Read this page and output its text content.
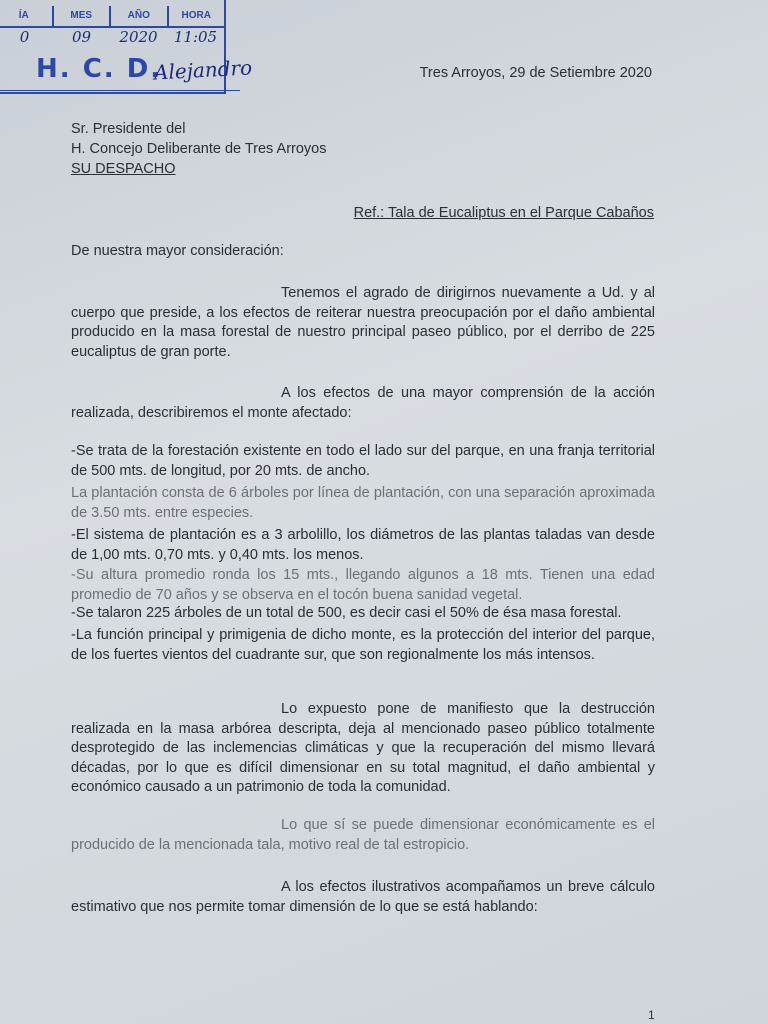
ÍA	MES	AÑO	HORA
0	09	2020	11:05
H. C. D.
Alejandro	Tres Arroyos, 29 de Setiembre 2020
Sr. Presidente del
H. Concejo Deliberante de Tres Arroyos
SU DESPACHO
Ref.: Tala de Eucaliptus en el Parque Cabaños
De nuestra mayor consideración:
Tenemos el agrado de dirigirnos nuevamente a Ud. y al cuerpo que preside, a los efectos de reiterar nuestra preocupación por el daño ambiental producido en la masa forestal de nuestro principal paseo público, por el derribo de 225 eucaliptus de gran porte.
A los efectos de una mayor comprensión de la acción realizada, describiremos el monte afectado:
-Se trata de la forestación existente en todo el lado sur del parque, en una franja territorial de 500 mts. de longitud, por 20 mts. de ancho.
La plantación consta de 6 árboles por línea de plantación, con una separación aproximada de 3.50 mts. entre especies.
-El sistema de plantación es a 3 arbolillo, los diámetros de las plantas taladas van desde de 1,00 mts. 0,70 mts. y 0,40 mts. los menos.
-Su altura promedio ronda los 15 mts., llegando algunos a 18 mts. Tienen una edad promedio de 70 años y se observa en el tocón buena sanidad vegetal.
-Se talaron 225 árboles de un total de 500, es decir casi el 50% de ésa masa forestal.
-La función principal y primigenia de dicho monte, es la protección del interior del parque, de los fuertes vientos del cuadrante sur, que son regionalmente los más intensos.
Lo expuesto pone de manifiesto que la destrucción realizada en la masa arbórea descripta, deja al mencionado paseo público totalmente desprotegido de las inclemencias climáticas y que la recuperación del mismo llevará décadas, por lo que es difícil dimensionar en su total magnitud, el daño ambiental y económico causado a un patrimonio de toda la comunidad.
Lo que sí se puede dimensionar económicamente es el producido de la mencionada tala, motivo real de tal estropicio.
A los efectos ilustrativos acompañamos un breve cálculo estimativo que nos permite tomar dimensión de lo que se está hablando:
1
